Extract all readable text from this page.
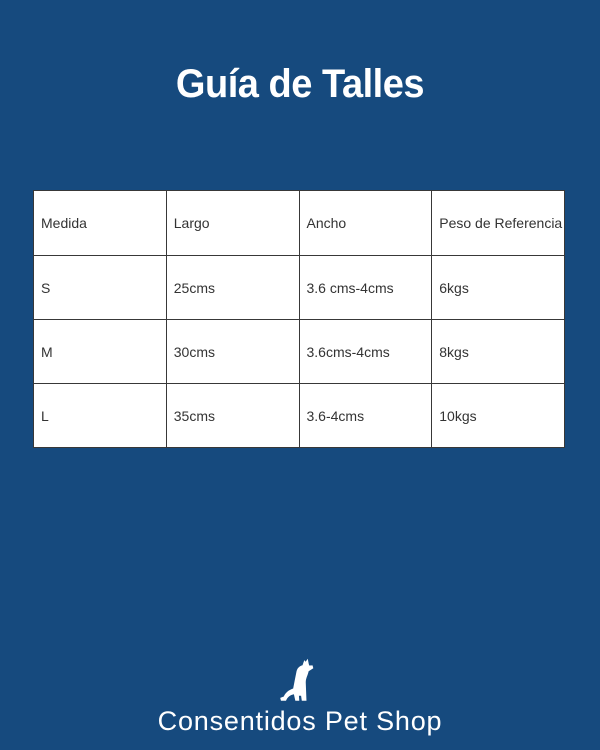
Guía de Talles
Medida	Largo	Ancho	Peso de Referencia
S	25cms	3.6 cms-4cms	6kgs
M	30cms	3.6cms-4cms	8kgs
L	35cms	3.6-4cms	10kgs
Consentidos Pet Shop
